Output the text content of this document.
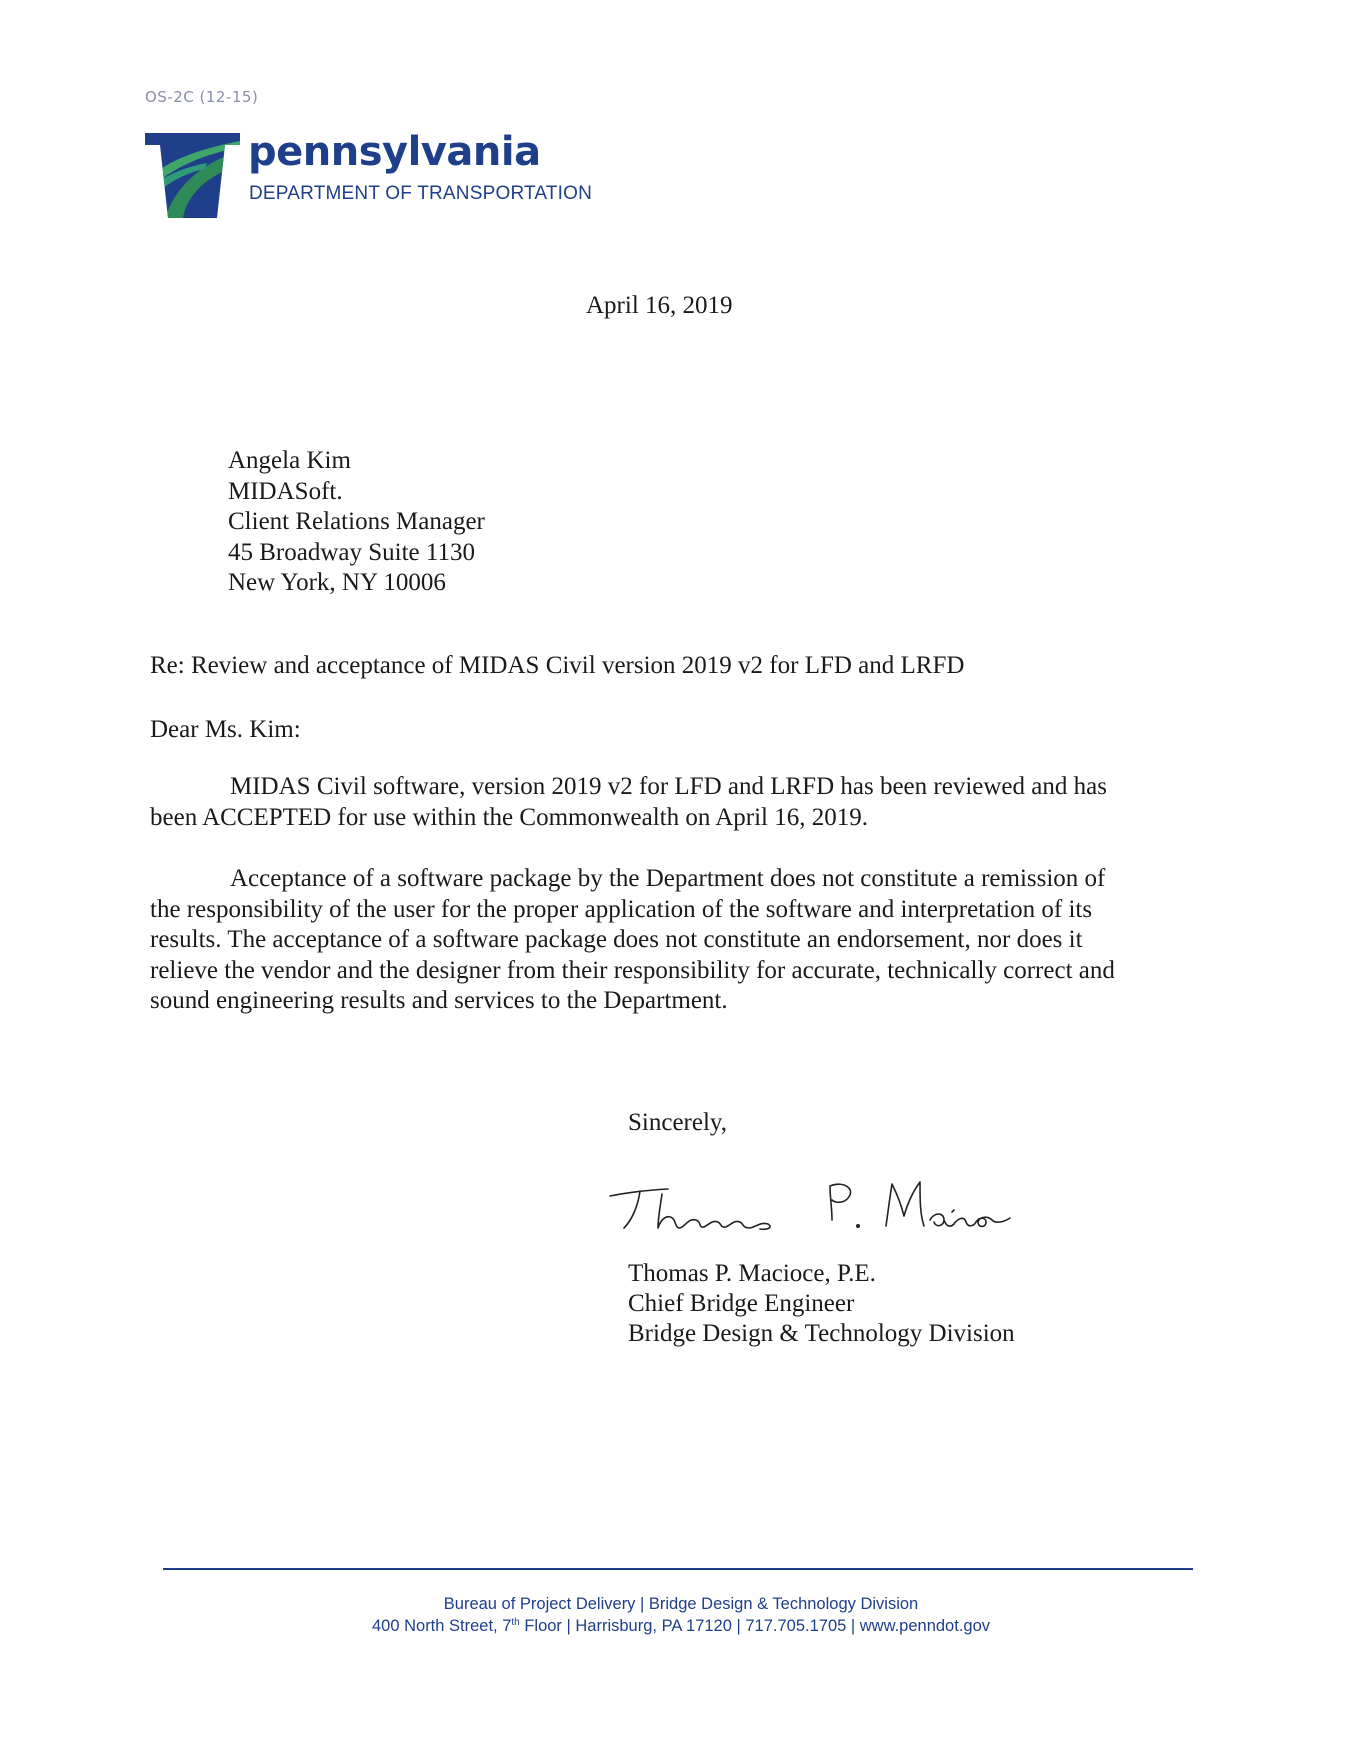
OS-2C (12-15)
pennsylvania
DEPARTMENT OF TRANSPORTATION
April 16, 2019
Angela Kim
MIDASoft.
Client Relations Manager
45 Broadway Suite 1130
New York, NY 10006
Re: Review and acceptance of MIDAS Civil version 2019 v2 for LFD and LRFD
Dear Ms. Kim:
MIDAS Civil software, version 2019 v2 for LFD and LRFD has been reviewed and has
been ACCEPTED for use within the Commonwealth on April 16, 2019.
Acceptance of a software package by the Department does not constitute a remission of
the responsibility of the user for the proper application of the software and interpretation of its
results. The acceptance of a software package does not constitute an endorsement, nor does it
relieve the vendor and the designer from their responsibility for accurate, technically correct and
sound engineering results and services to the Department.
Sincerely,
Thomas P. Macioce, P.E.
Chief Bridge Engineer
Bridge Design & Technology Division
Bureau of Project Delivery | Bridge Design & Technology Division
400 North Street, 7th Floor | Harrisburg, PA 17120 | 717.705.1705 | www.penndot.gov
